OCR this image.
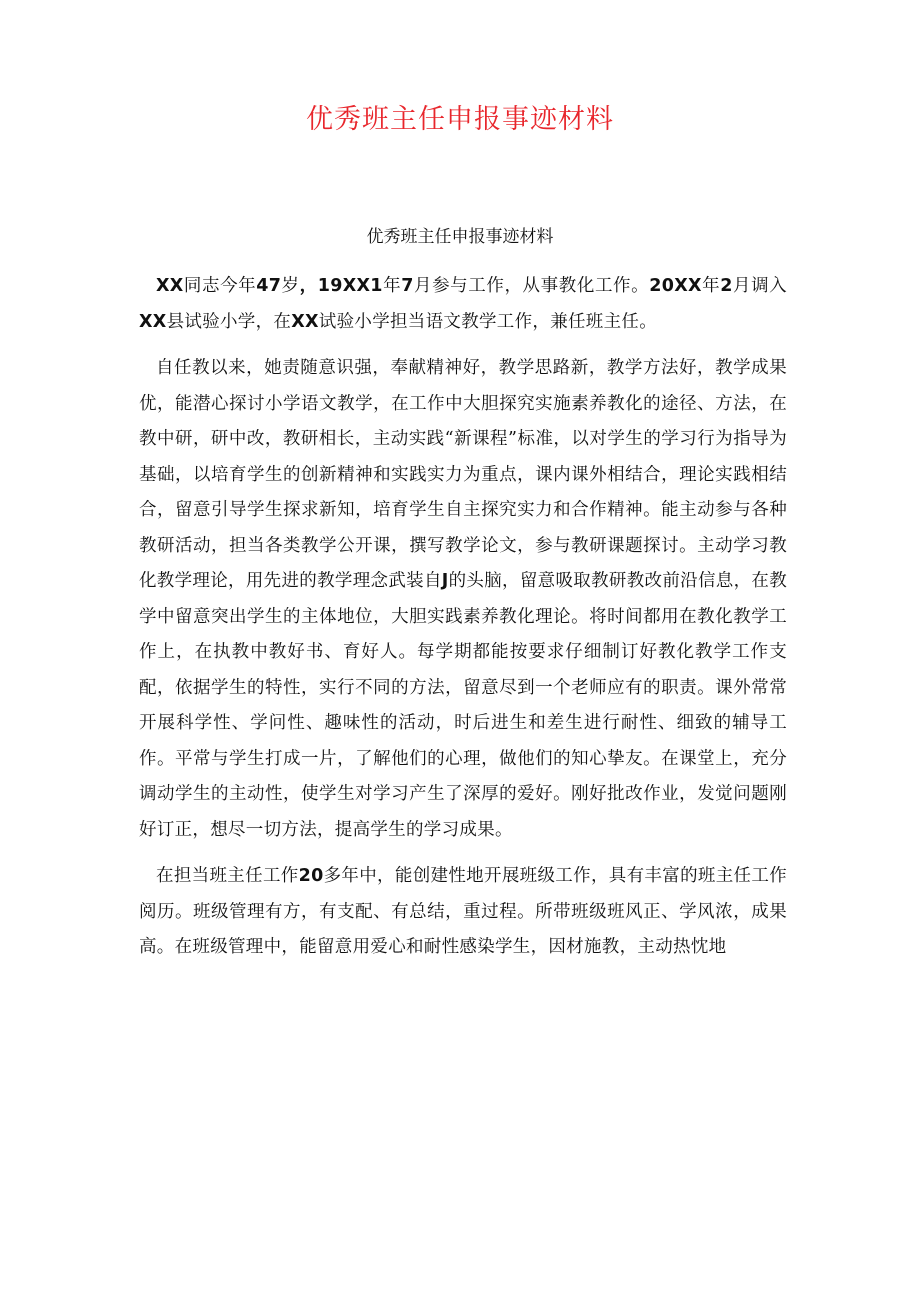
优秀班主任申报事迹材料
优秀班主任申报事迹材料

XX同志今年47岁，19XX1年7月参与工作，从事教化工作。20XX年2月调入XX县试验小学，在XX试验小学担当语文教学工作，兼任班主任。

自任教以来，她责随意识强，奉献精神好，教学思路新，教学方法好，教学成果优，能潜心探讨小学语文教学，在工作中大胆探究实施素养教化的途径、方法，在教中研，研中改，教研相长，主动实践“新课程”标准，以对学生的学习行为指导为基础，以培育学生的创新精神和实践实力为重点，课内课外相结合，理论实践相结合，留意引导学生探求新知，培育学生自主探究实力和合作精神。能主动参与各种教研活动，担当各类教学公开课，撰写教学论文，参与教研课题探讨。主动学习教化教学理论，用先进的教学理念武装自J的头脑，留意吸取教研教改前沿信息，在教学中留意突出学生的主体地位，大胆实践素养教化理论。将时间都用在教化教学工作上，在执教中教好书、育好人。每学期都能按要求仔细制订好教化教学工作支配，依据学生的特性，实行不同的方法，留意尽到一个老师应有的职责。课外常常开展科学性、学问性、趣味性的活动，时后进生和差生进行耐性、细致的辅导工作。平常与学生打成一片，了解他们的心理，做他们的知心挚友。在课堂上，充分调动学生的主动性，使学生对学习产生了深厚的爱好。刚好批改作业，发觉问题刚好订正，想尽一切方法，提高学生的学习成果。

在担当班主任工作20多年中，能创建性地开展班级工作，具有丰富的班主任工作阅历。班级管理有方，有支配、有总结，重过程。所带班级班风正、学风浓，成果高。在班级管理中，能留意用爱心和耐性感染学生，因材施教，主动热忱地
